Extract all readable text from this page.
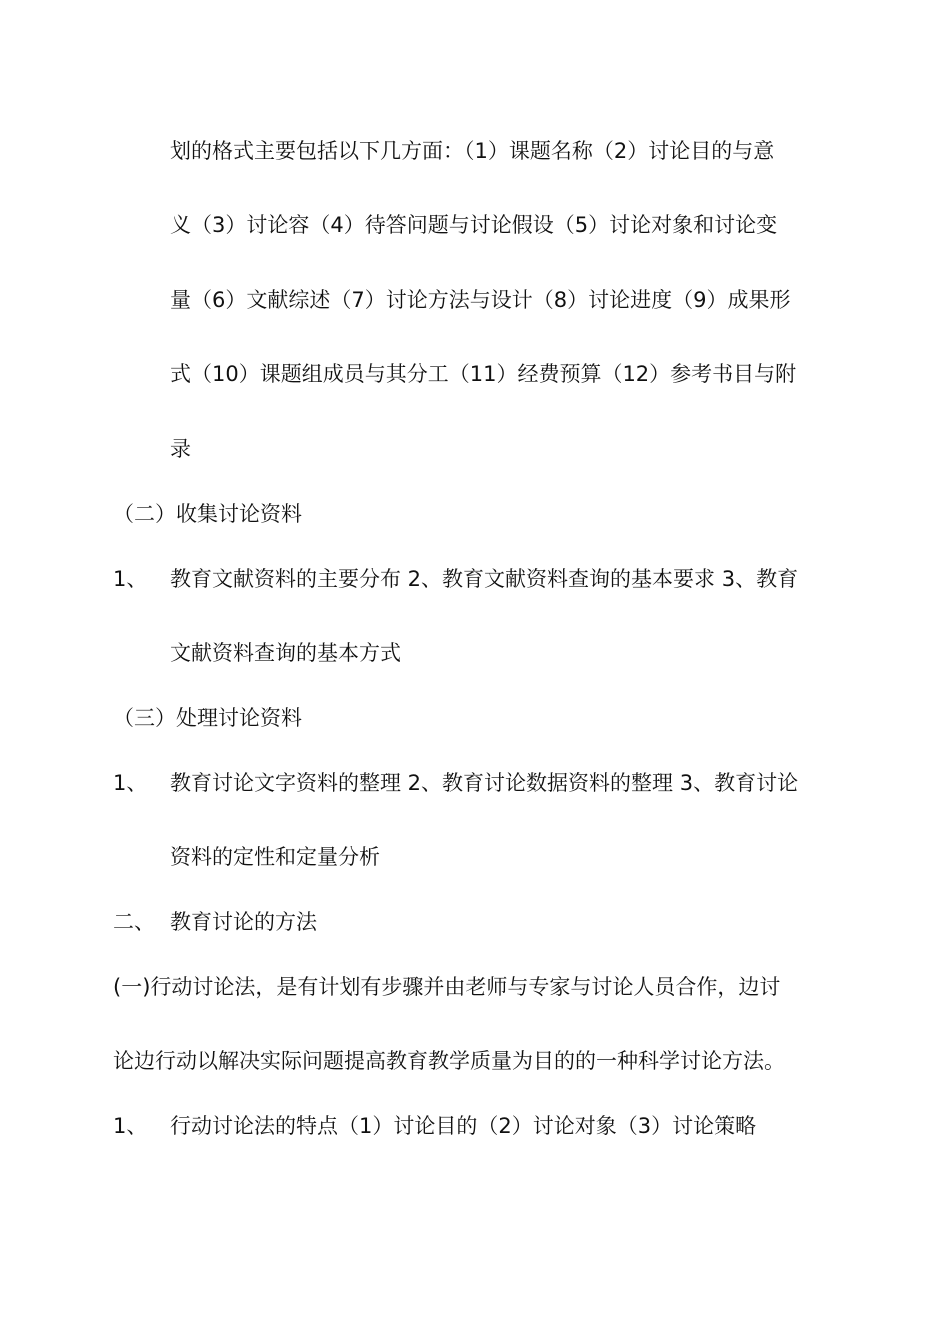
划的格式主要包括以下几方面：（1）课题名称（2）讨论目的与意
义（3）讨论容（4）待答问题与讨论假设（5）讨论对象和讨论变
量（6）文献综述（7）讨论方法与设计（8）讨论进度（9）成果形
式（10）课题组成员与其分工（11）经费预算（12）参考书目与附
录
（二）收集讨论资料
1、 教育文献资料的主要分布 2、教育文献资料查询的基本要求 3、教育
文献资料查询的基本方式
（三）处理讨论资料
1、 教育讨论文字资料的整理 2、教育讨论数据资料的整理 3、教育讨论
资料的定性和定量分析
二、 教育讨论的方法
(一)行动讨论法，是有计划有步骤并由老师与专家与讨论人员合作，边讨
论边行动以解决实际问题提高教育教学质量为目的的一种科学讨论方法。
1、 行动讨论法的特点（1）讨论目的（2）讨论对象（3）讨论策略
